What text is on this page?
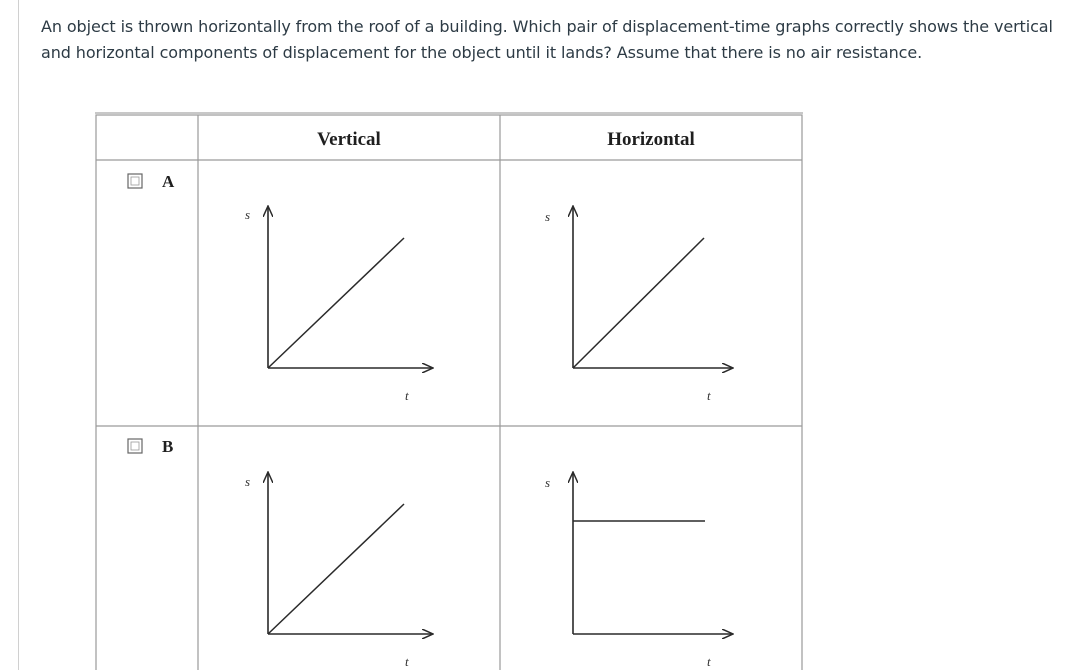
An object is thrown horizontally from the roof of a building. Which pair of displacement-time graphs correctly shows the vertical and horizontal components of displacement for the object until it lands? Assume that there is no air resistance.
Vertical	Horizontal
A
s
t
s
t
B
s
t
s
t
